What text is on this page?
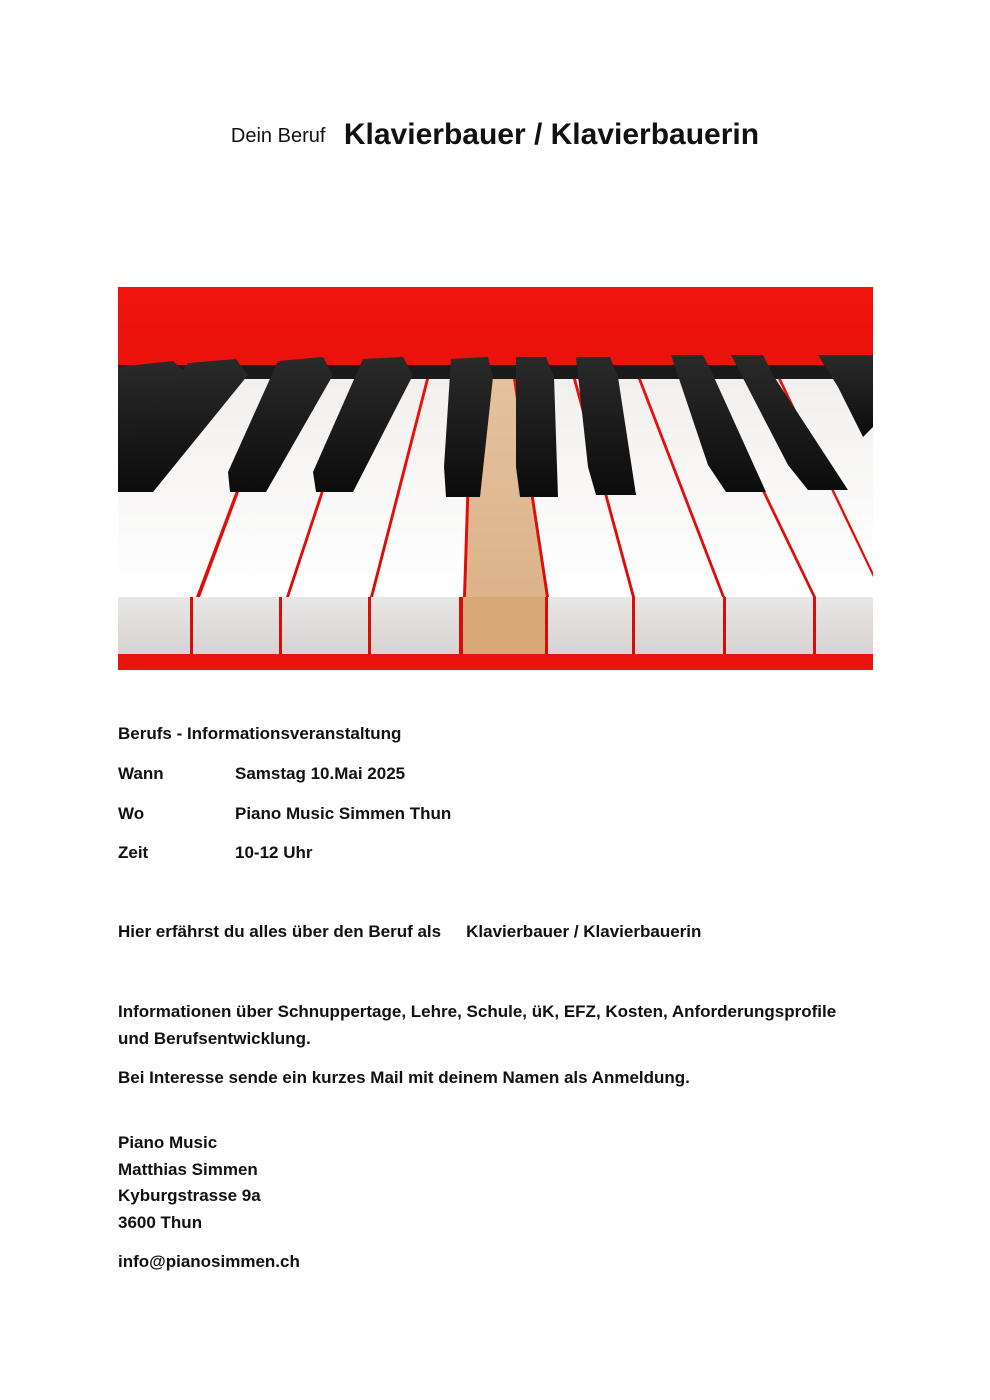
Dein Beruf Klavierbauer / Klavierbauerin
Berufs - Informationsveranstaltung
Wann	Samstag 10.Mai 2025
Wo	Piano Music Simmen Thun
Zeit	10-12 Uhr
Hier erfährst du alles über den Beruf als Klavierbauer / Klavierbauerin
Informationen über Schnuppertage, Lehre, Schule, üK, EFZ, Kosten, Anforderungsprofile und Berufsentwicklung.
Bei Interesse sende ein kurzes Mail mit deinem Namen als Anmeldung.
Piano Music
Matthias Simmen
Kyburgstrasse 9a
3600 Thun
info@pianosimmen.ch
